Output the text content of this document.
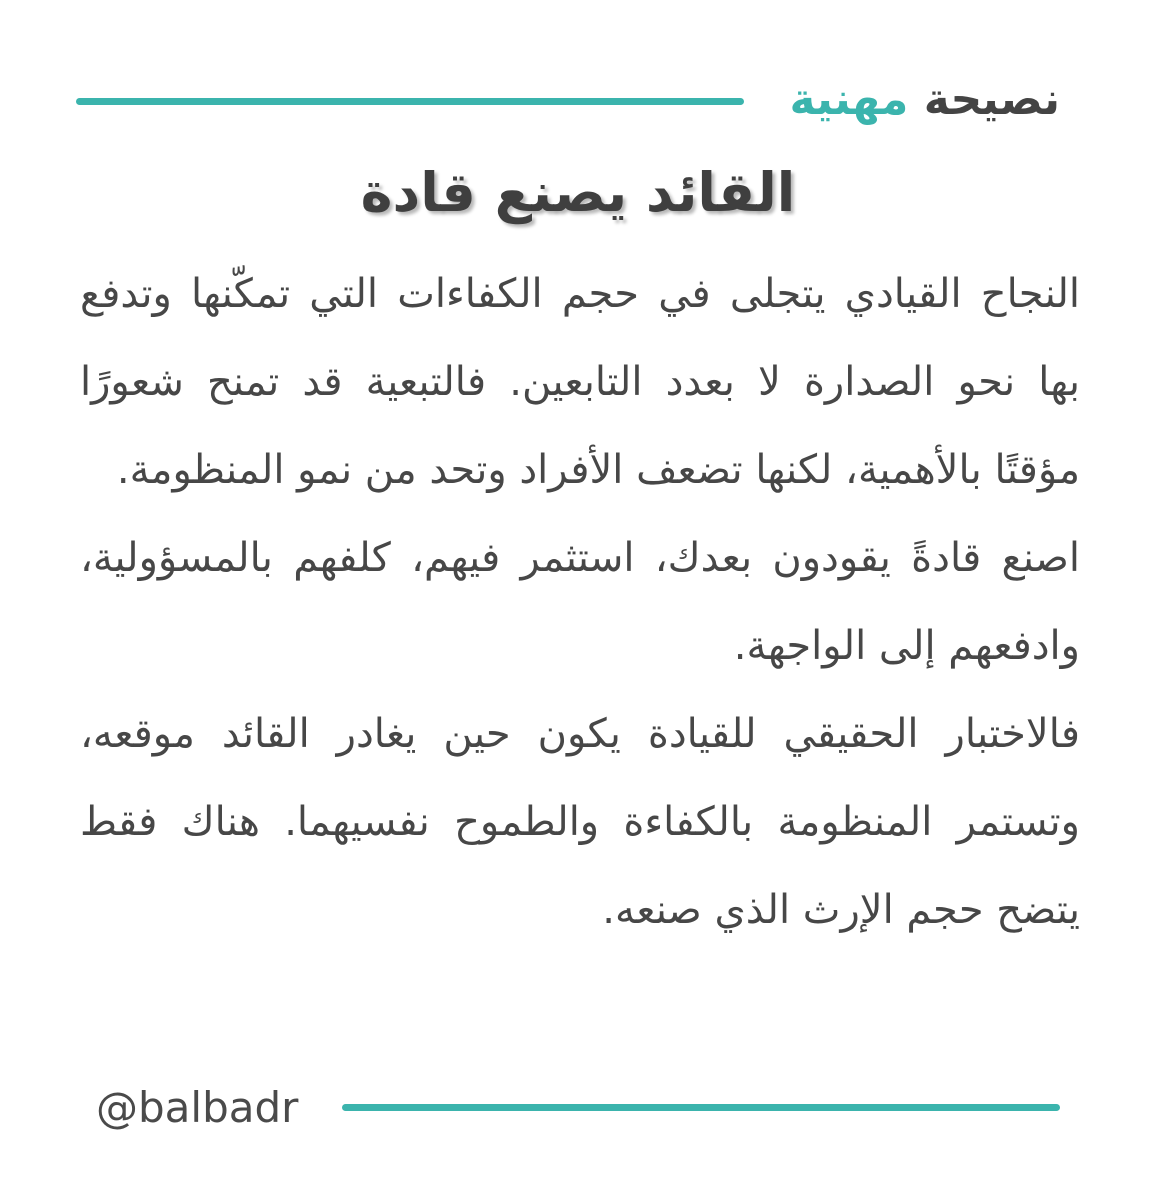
نصيحة مهنية
القائد يصنع قادة

النجاح القيادي يتجلى في حجم الكفاءات التي تمكّنها وتدفع بها نحو الصدارة لا بعدد التابعين. فالتبعية قد تمنح شعورًا مؤقتًا بالأهمية، لكنها تضعف الأفراد وتحد من نمو المنظومة.

اصنع قادةً يقودون بعدك، استثمر فيهم، كلفهم بالمسؤولية، وادفعهم إلى الواجهة.

فالاختبار الحقيقي للقيادة يكون حين يغادر القائد موقعه، وتستمر المنظومة بالكفاءة والطموح نفسيهما. هناك فقط يتضح حجم الإرث الذي صنعه.

@balbadr
